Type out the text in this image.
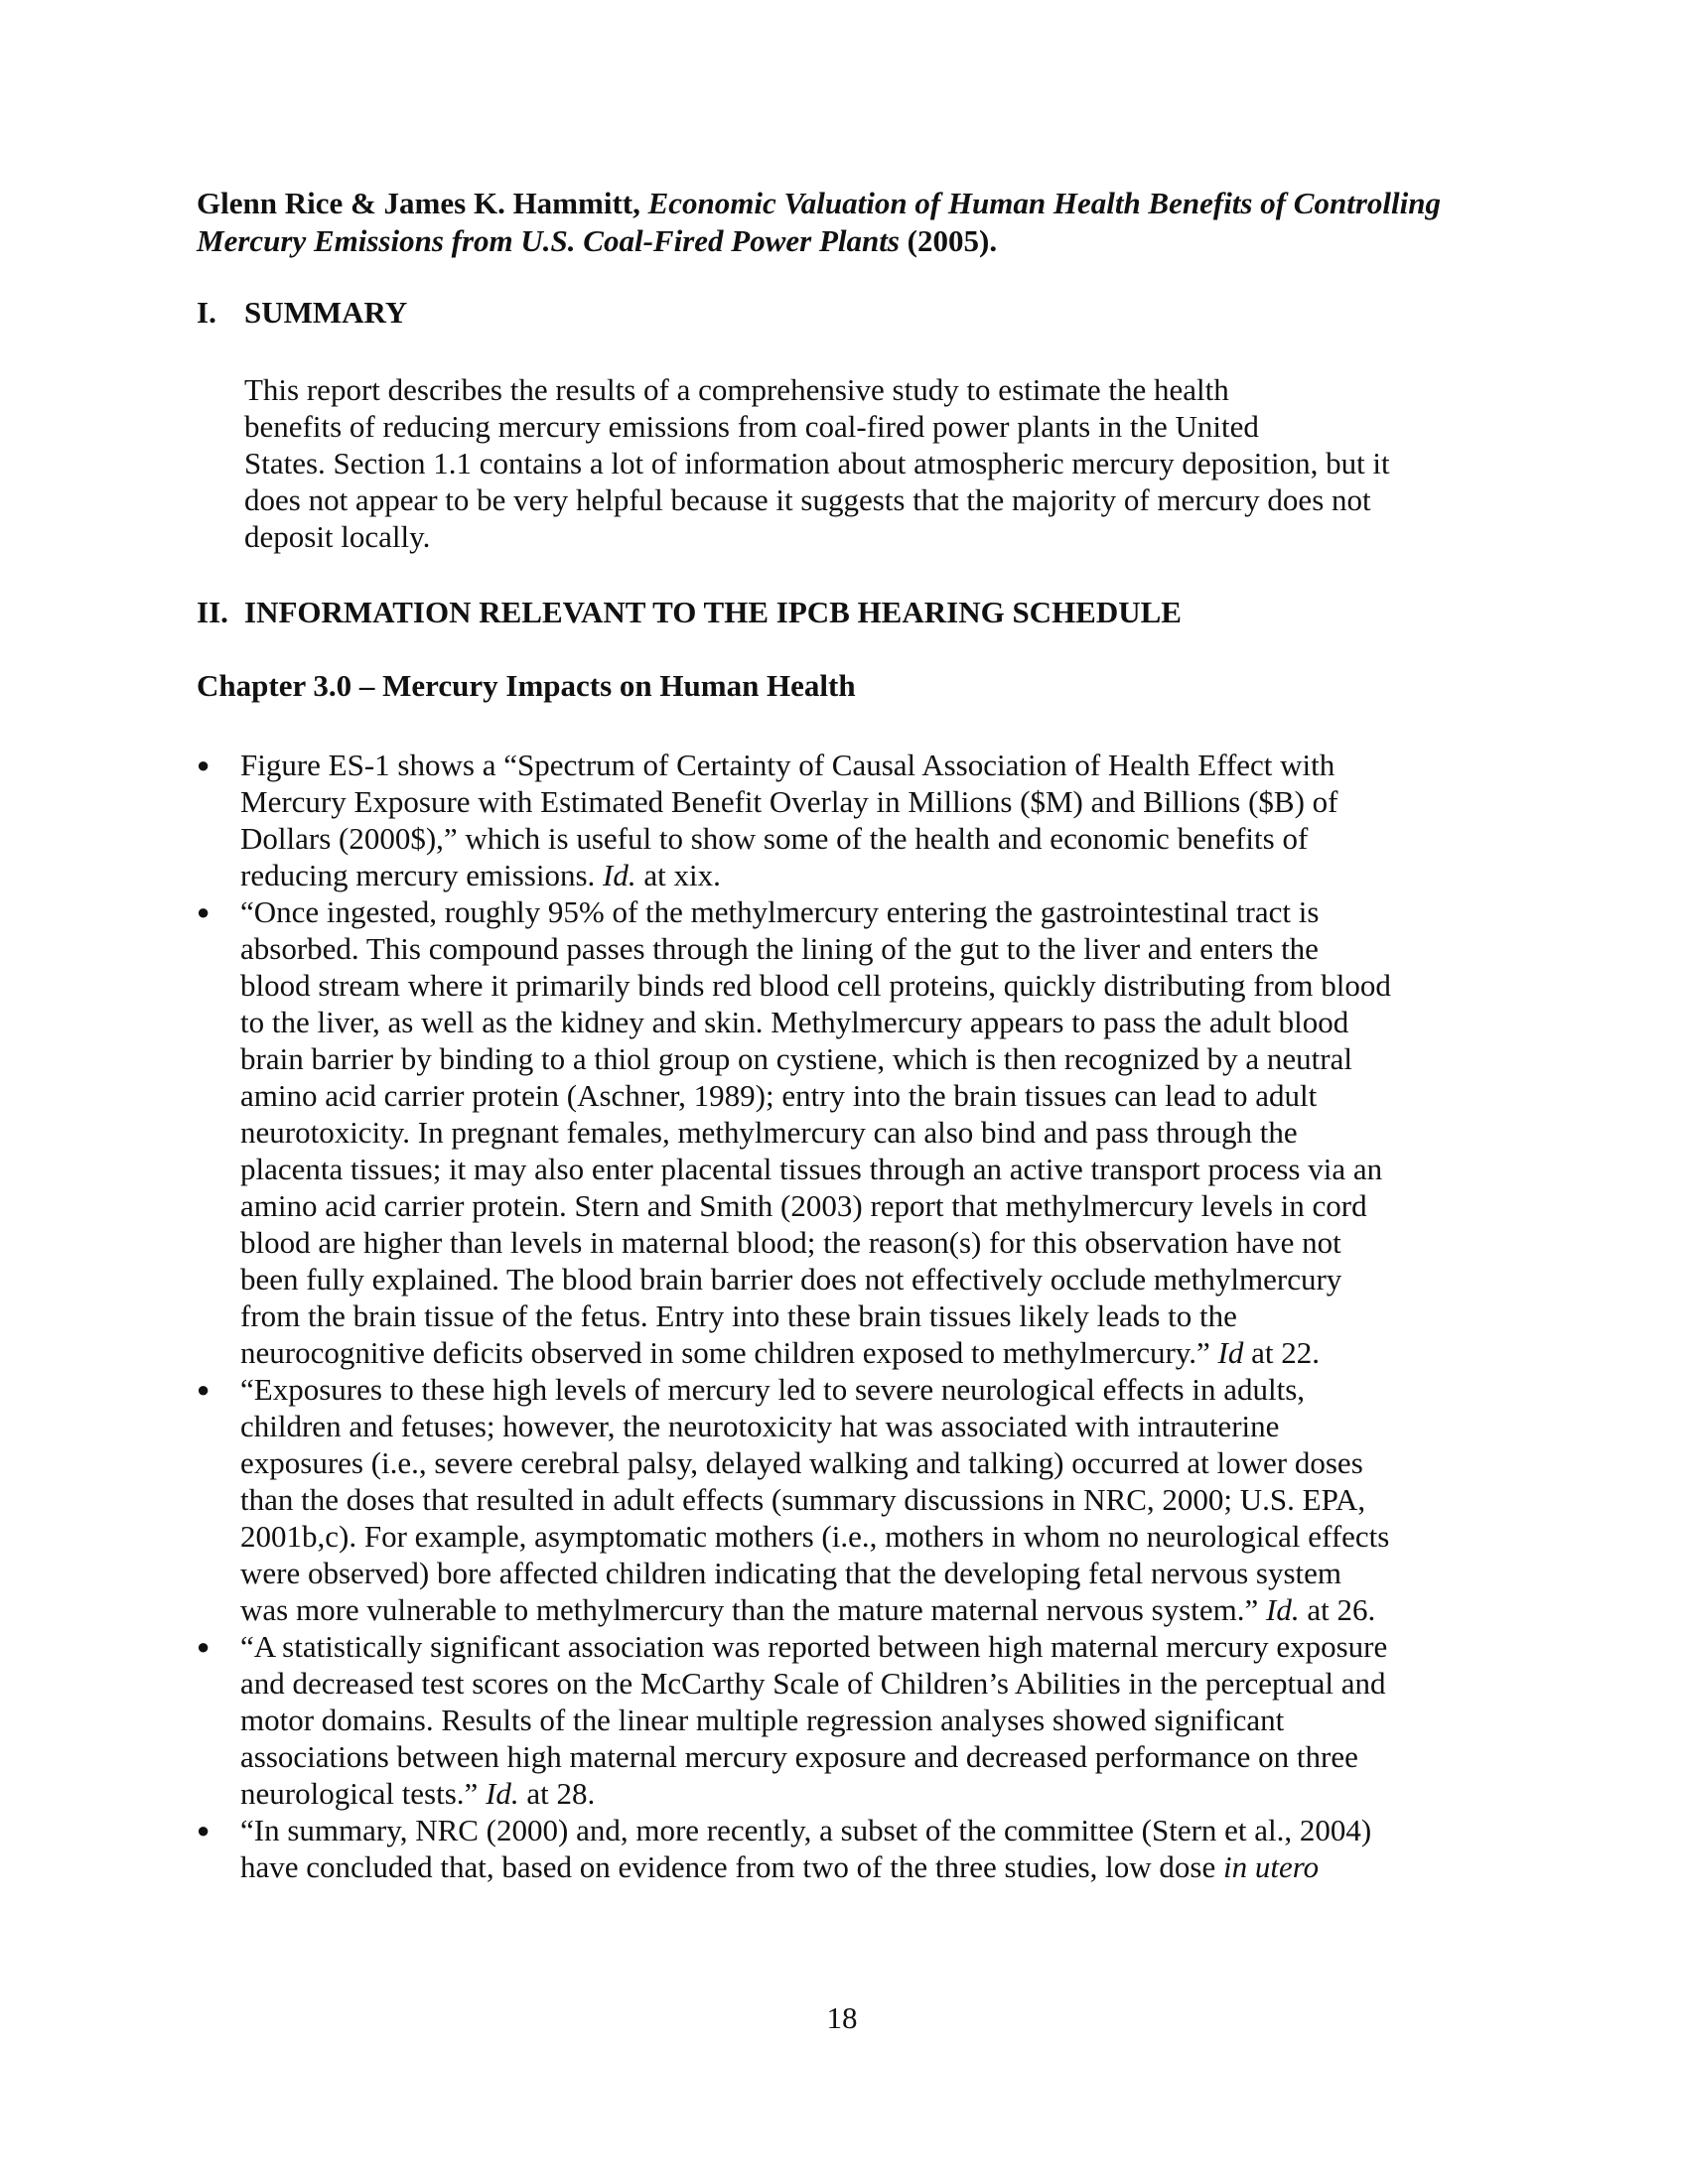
Glenn Rice & James K. Hammitt, Economic Valuation of Human Health Benefits of Controlling Mercury Emissions from U.S. Coal-Fired Power Plants (2005).
I. SUMMARY
This report describes the results of a comprehensive study to estimate the health
benefits of reducing mercury emissions from coal-fired power plants in the United
States. Section 1.1 contains a lot of information about atmospheric mercury deposition, but it
does not appear to be very helpful because it suggests that the majority of mercury does not
deposit locally.
II. INFORMATION RELEVANT TO THE IPCB HEARING SCHEDULE
Chapter 3.0 – Mercury Impacts on Human Health
● Figure ES-1 shows a “Spectrum of Certainty of Causal Association of Health Effect with
Mercury Exposure with Estimated Benefit Overlay in Millions ($M) and Billions ($B) of
Dollars (2000$),” which is useful to show some of the health and economic benefits of
reducing mercury emissions. Id. at xix.
● “Once ingested, roughly 95% of the methylmercury entering the gastrointestinal tract is
absorbed. This compound passes through the lining of the gut to the liver and enters the
blood stream where it primarily binds red blood cell proteins, quickly distributing from blood
to the liver, as well as the kidney and skin. Methylmercury appears to pass the adult blood
brain barrier by binding to a thiol group on cystiene, which is then recognized by a neutral
amino acid carrier protein (Aschner, 1989); entry into the brain tissues can lead to adult
neurotoxicity. In pregnant females, methylmercury can also bind and pass through the
placenta tissues; it may also enter placental tissues through an active transport process via an
amino acid carrier protein. Stern and Smith (2003) report that methylmercury levels in cord
blood are higher than levels in maternal blood; the reason(s) for this observation have not
been fully explained. The blood brain barrier does not effectively occlude methylmercury
from the brain tissue of the fetus. Entry into these brain tissues likely leads to the
neurocognitive deficits observed in some children exposed to methylmercury.” Id at 22.
● “Exposures to these high levels of mercury led to severe neurological effects in adults,
children and fetuses; however, the neurotoxicity hat was associated with intrauterine
exposures (i.e., severe cerebral palsy, delayed walking and talking) occurred at lower doses
than the doses that resulted in adult effects (summary discussions in NRC, 2000; U.S. EPA,
2001b,c). For example, asymptomatic mothers (i.e., mothers in whom no neurological effects
were observed) bore affected children indicating that the developing fetal nervous system
was more vulnerable to methylmercury than the mature maternal nervous system.” Id. at 26.
● “A statistically significant association was reported between high maternal mercury exposure
and decreased test scores on the McCarthy Scale of Children’s Abilities in the perceptual and
motor domains. Results of the linear multiple regression analyses showed significant
associations between high maternal mercury exposure and decreased performance on three
neurological tests.” Id. at 28.
● “In summary, NRC (2000) and, more recently, a subset of the committee (Stern et al., 2004)
have concluded that, based on evidence from two of the three studies, low dose in utero
18
